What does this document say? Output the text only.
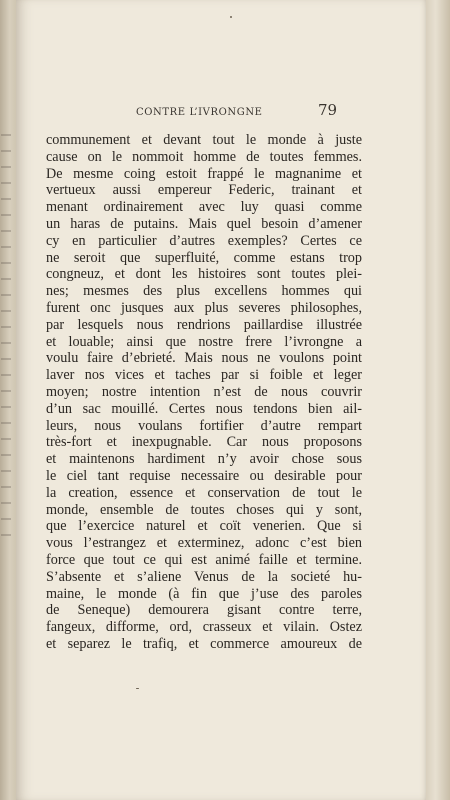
CONTRE L’IVRONGNE	79
communement et devant tout le monde à juste
cause on le nommoit homme de toutes femmes.
De mesme coing estoit frappé le magnanime et
vertueux aussi empereur Federic, trainant et
menant ordinairement avec luy quasi comme
un haras de putains. Mais quel besoin d’amener
cy en particulier d’autres exemples? Certes ce
ne seroit que superfluité, comme estans trop
congneuz, et dont les histoires sont toutes plei-
nes; mesmes des plus excellens hommes qui
furent onc jusques aux plus severes philosophes,
par lesquels nous rendrions paillardise illustrée
et louable; ainsi que nostre frere l’ivrongne a
voulu faire d’ebrieté. Mais nous ne voulons point
laver nos vices et taches par si foible et leger
moyen; nostre intention n’est de nous couvrir
d’un sac mouillé. Certes nous tendons bien ail-
leurs, nous voulans fortifier d’autre rempart
très-fort et inexpugnable. Car nous proposons
et maintenons hardiment n’y avoir chose sous
le ciel tant requise necessaire ou desirable pour
la creation, essence et conservation de tout le
monde, ensemble de toutes choses qui y sont,
que l’exercice naturel et coït venerien. Que si
vous l’estrangez et exterminez, adonc c’est bien
force que tout ce qui est animé faille et termine.
S’absente et s’aliene Venus de la societé hu-
maine, le monde (à fin que j’use des paroles
de Seneque) demourera gisant contre terre,
fangeux, difforme, ord, crasseux et vilain. Ostez
et separez le trafiq, et commerce amoureux de
